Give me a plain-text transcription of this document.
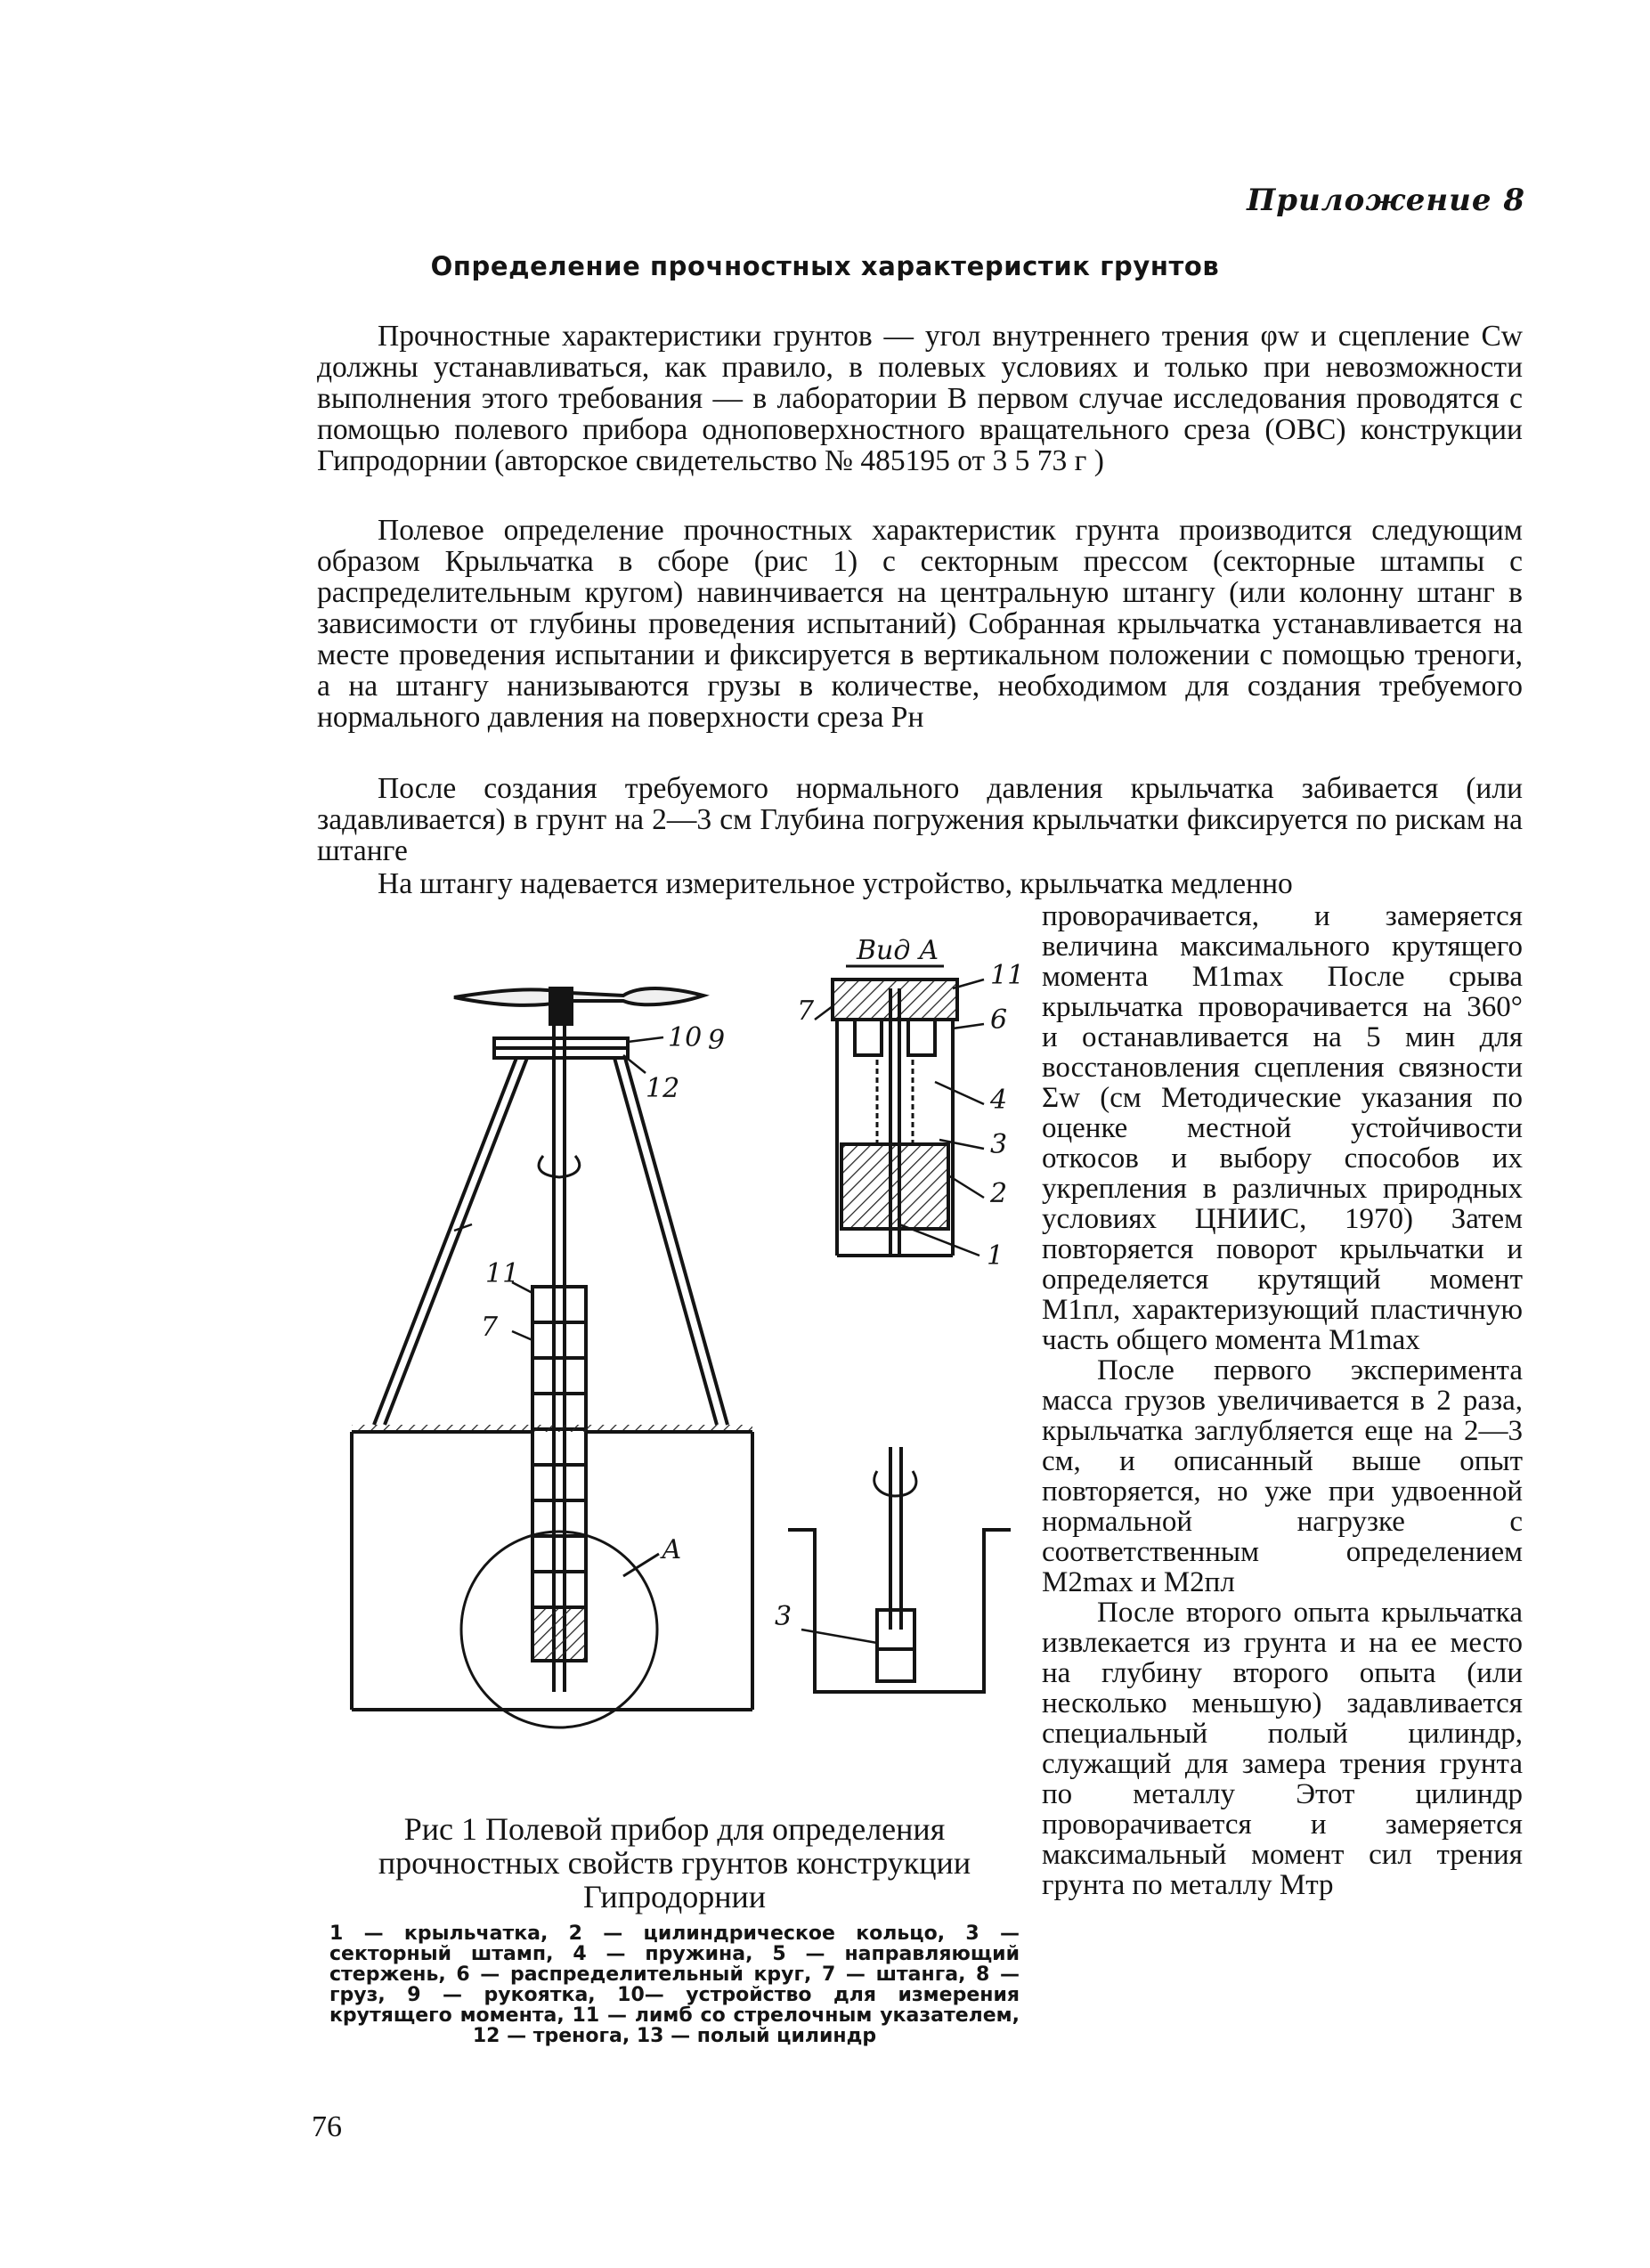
Приложение 8
Определение прочностных характеристик грунтов

Прочностные характеристики грунтов — угол внутреннего трения φw и сцепление Cw должны устанавливаться, как правило, в полевых условиях и только при невозможности выполнения этого требования — в лаборатории В первом случае исследования проводятся с помощью полевого прибора одноповерхностного вращательного среза (ОВС) конструкции Гипродорнии (авторское свидетельство № 485195 от 3 5 73 г )

Полевое определение прочностных характеристик грунта производится следующим образом Крыльчатка в сборе (рис 1) с секторным прессом (секторные штампы с распределительным кругом) навинчивается на центральную штангу (или колонну штанг в зависимости от глубины проведения испытаний) Собранная крыльчатка устанавливается на месте проведения испытании и фиксируется в вертикальном положении с помощью треноги, а на штангу нанизываются грузы в количестве, необходимом для создания требуемого нормального давления на поверхности среза Pн

После создания требуемого нормального давления крыльчатка забивается (или задавливается) в грунт на 2—3 см Глубина погружения крыльчатки фиксируется по рискам на штанге

На штангу надевается измерительное устройство, крыльчатка медленно

проворачивается, и замеряется величина максимального крутящего момента M1max После срыва крыльчатка проворачивается на 360° и останавливается на 5 мин для восстановления сцепления связности Σw (см Методические указания по оценке местной устойчивости откосов и выбору способов их укрепления в различных природных условиях ЦНИИС, 1970) Затем повторяется поворот крыльчатки и определяется крутящий момент M1пл, характеризующий пластичную часть общего момента M1max

После первого эксперимента масса грузов увеличивается в 2 раза, крыльчатка заглубляется еще на 2—3 см, и описанный выше опыт повторяется, но уже при удвоенной нормальной нагрузке с соответственным определением M2max и M2пл

После второго опыта крыльчатка извлекается из грунта и на ее место на глубину второго опыта (или несколько меньшую) задавливается специальный полый цилиндр, служащий для замера трения грунта по металлу Этот цилиндр проворачивается и замеряется максимальный момент сил трения грунта по металлу Mтр

Вид А
11
6
4
3
2
1
7
10 9
12
11
7
А
3
Рис 1 Полевой прибор для определения прочностных свойств грунтов конструкции Гипродорнии
1 — крыльчатка, 2 — цилиндрическое кольцо, 3 — секторный штамп, 4 — пружина, 5 — направляющий стержень, 6 — распределительный круг, 7 — штанга, 8 — груз, 9 — рукоятка, 10— устройство для измерения крутящего момента, 11 — лимб со стрелочным указателем, 12 — тренога, 13 — полый цилиндр
76
